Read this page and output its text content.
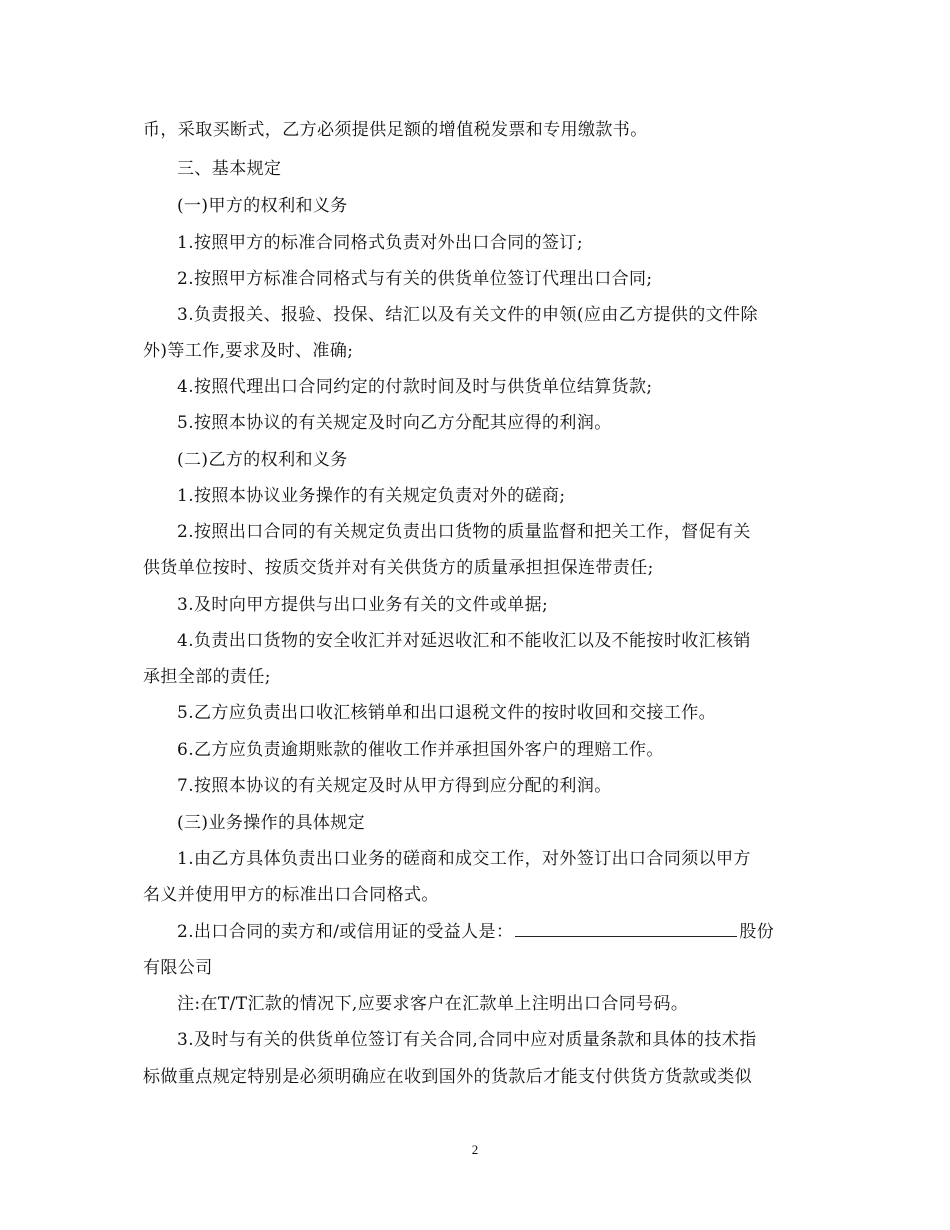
币，采取买断式，乙方必须提供足额的增值税发票和专用缴款书。
三、基本规定
(一)甲方的权利和义务
1.按照甲方的标准合同格式负责对外出口合同的签订;
2.按照甲方标准合同格式与有关的供货单位签订代理出口合同;
3.负责报关、报验、投保、结汇以及有关文件的申领(应由乙方提供的文件除
外)等工作,要求及时、准确;
4.按照代理出口合同约定的付款时间及时与供货单位结算货款;
5.按照本协议的有关规定及时向乙方分配其应得的利润。
(二)乙方的权利和义务
1.按照本协议业务操作的有关规定负责对外的磋商;
2.按照出口合同的有关规定负责出口货物的质量监督和把关工作，督促有关
供货单位按时、按质交货并对有关供货方的质量承担担保连带责任;
3.及时向甲方提供与出口业务有关的文件或单据;
4.负责出口货物的安全收汇并对延迟收汇和不能收汇以及不能按时收汇核销
承担全部的责任;
5.乙方应负责出口收汇核销单和出口退税文件的按时收回和交接工作。
6.乙方应负责逾期账款的催收工作并承担国外客户的理赔工作。
7.按照本协议的有关规定及时从甲方得到应分配的利润。
(三)业务操作的具体规定
1.由乙方具体负责出口业务的磋商和成交工作，对外签订出口合同须以甲方
名义并使用甲方的标准出口合同格式。
2.出口合同的卖方和/或信用证的受益人是：	股份
有限公司
注:在T/T汇款的情况下,应要求客户在汇款单上注明出口合同号码。
3.及时与有关的供货单位签订有关合同,合同中应对质量条款和具体的技术指
标做重点规定特别是必须明确应在收到国外的货款后才能支付供货方货款或类似
2
